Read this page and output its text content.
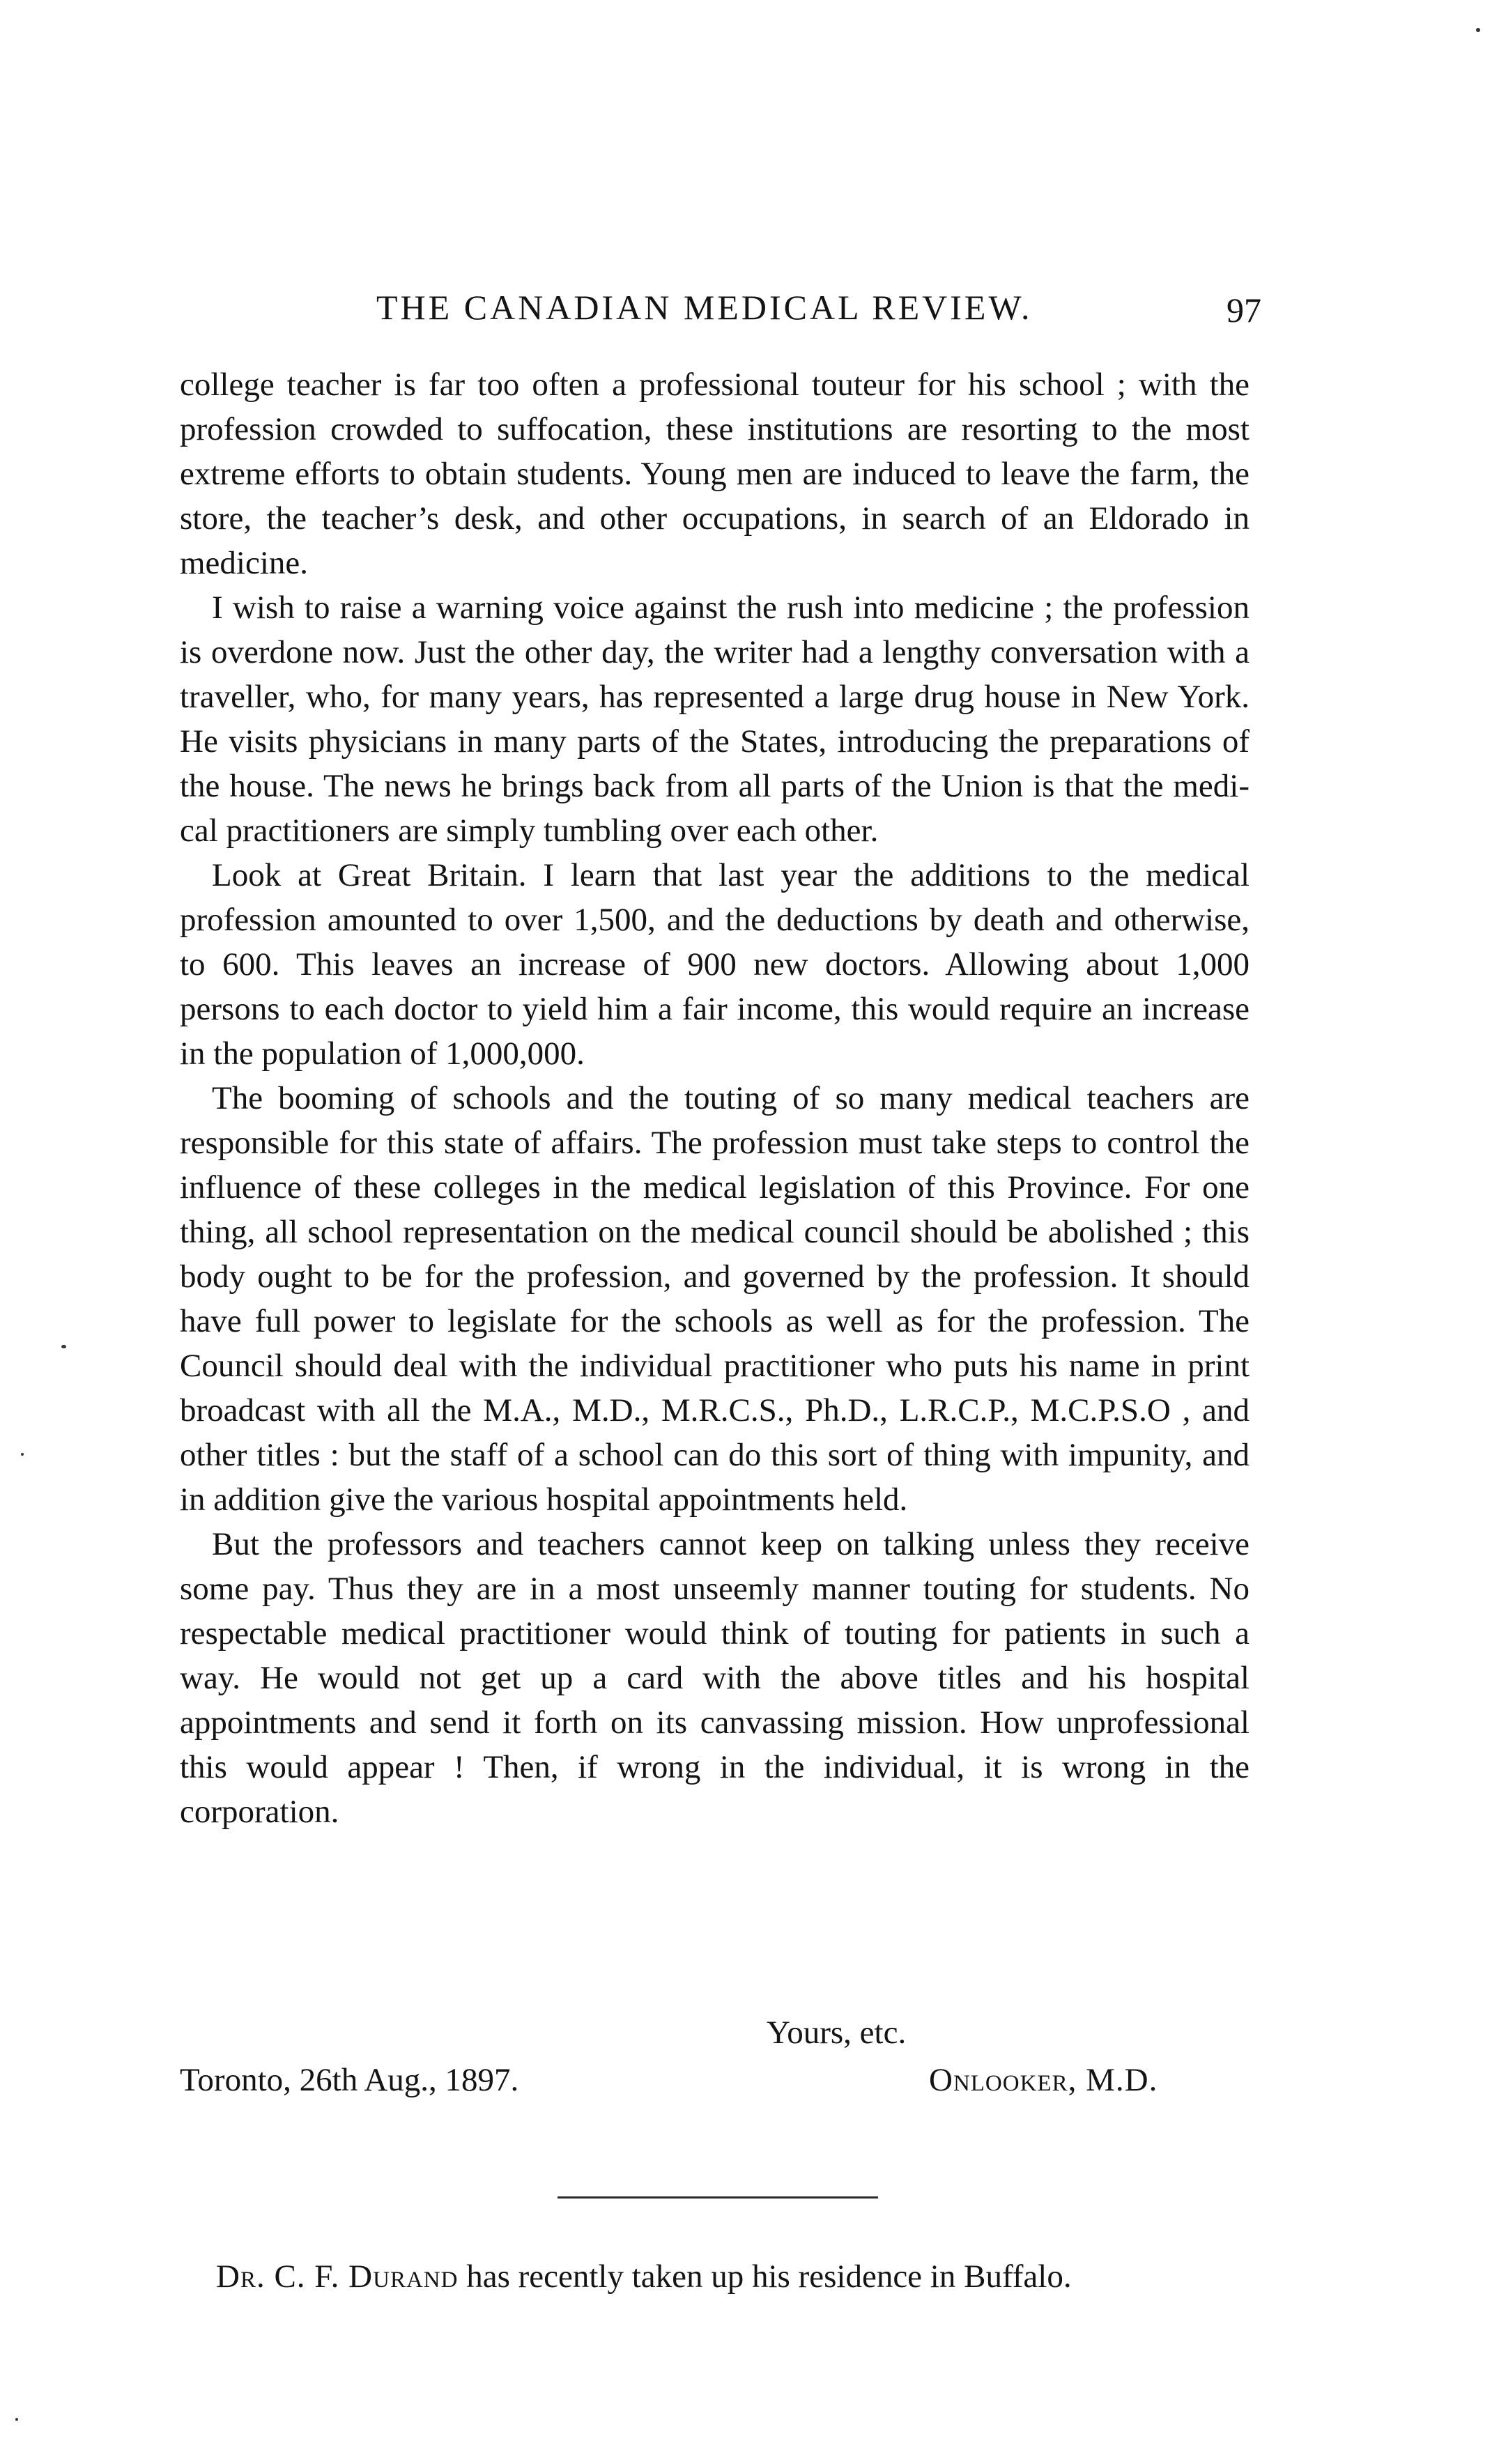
THE CANADIAN MEDICAL REVIEW.	97

college teacher is far too often a professional touteur for his school ; with the profession crowded to suffocation, these institutions are resorting to the most extreme efforts to obtain students. Young men are induced to leave the farm, the store, the teacher’s desk, and other occupations, in search of an Eldorado in medicine.

I wish to raise a warning voice against the rush into medicine ; the profession is overdone now. Just the other day, the writer had a lengthy conversation with a traveller, who, for many years, has represented a large drug house in New York. He visits physicians in many parts of the States, introducing the preparations of the house. The news he brings back from all parts of the Union is that the medical practitioners are simply tumbling over each other.

Look at Great Britain. I learn that last year the additions to the medical profession amounted to over 1,500, and the deductions by death and otherwise, to 600. This leaves an increase of 900 new doctors. Allowing about 1,000 persons to each doctor to yield him a fair income, this would require an increase in the population of 1,000,000.

The booming of schools and the touting of so many medical teachers are responsible for this state of affairs. The profession must take steps to control the influence of these colleges in the medical legislation of this Province. For one thing, all school representation on the medical council should be abolished ; this body ought to be for the profession, and governed by the profession. It should have full power to legislate for the schools as well as for the profession. The Council should deal with the individual practitioner who puts his name in print broadcast with all the M.A., M.D., M.R.C.S., Ph.D., L.R.C.P., M.C.P.S.O , and other titles : but the staff of a school can do this sort of thing with impunity, and in addition give the various hospital appointments held.

But the professors and teachers cannot keep on talking unless they receive some pay. Thus they are in a most unseemly manner touting for students. No respectable medical practitioner would think of touting for patients in such a way. He would not get up a card with the above titles and his hospital appointments and send it forth on its canvassing mission. How unprofessional this would appear ! Then, if wrong in the individual, it is wrong in the corporation.

Yours, etc.
Toronto, 26th Aug., 1897.	Onlooker, M.D.
Dr. C. F. Durand has recently taken up his residence in Buffalo.
